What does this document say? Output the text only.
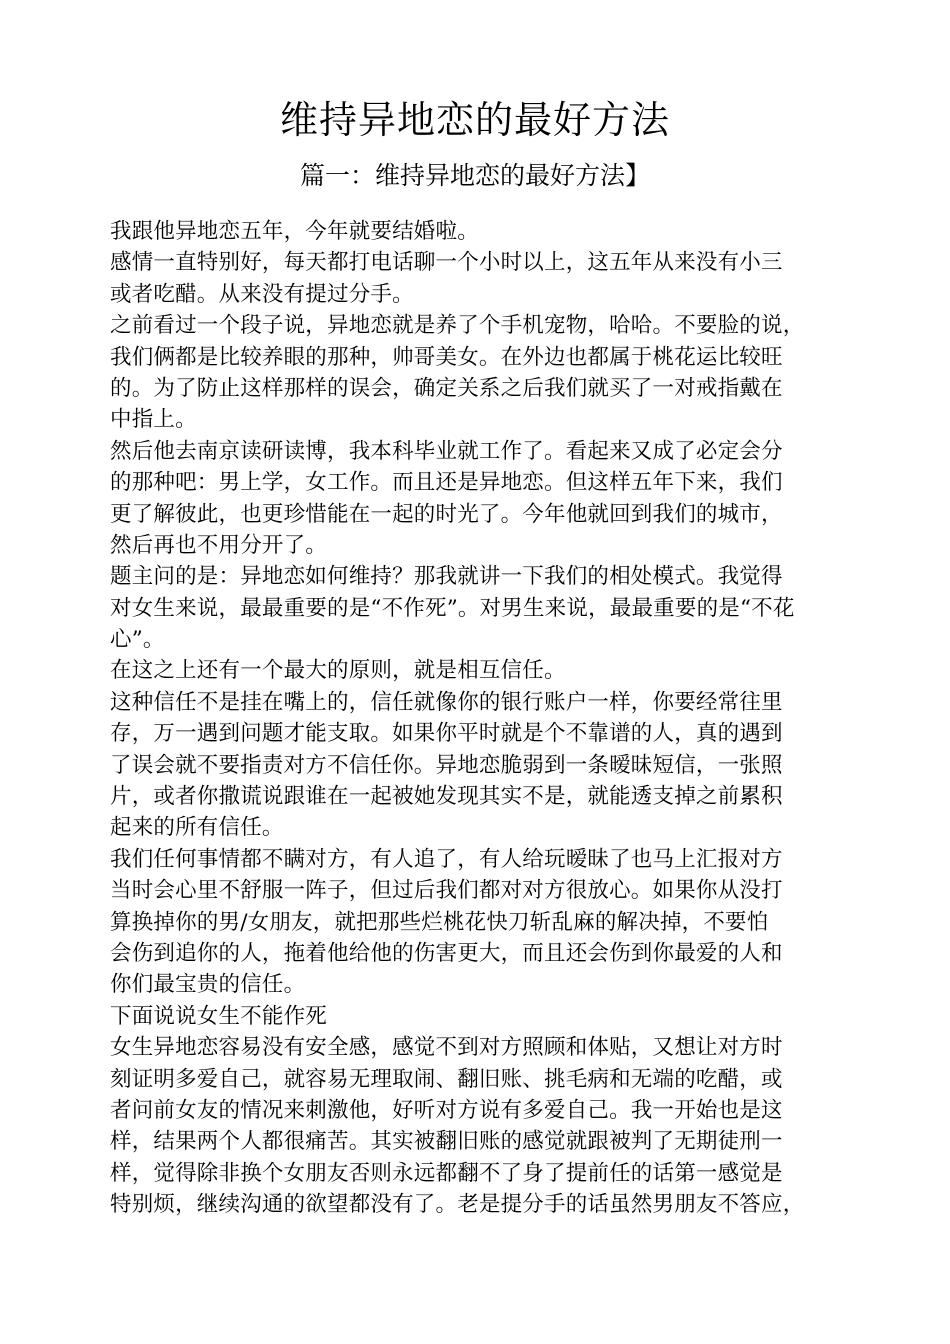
维持异地恋的最好方法
篇一：维持异地恋的最好方法】
我跟他异地恋五年，今年就要结婚啦。
感情一直特别好，每天都打电话聊一个小时以上，这五年从来没有小三
或者吃醋。从来没有提过分手。
之前看过一个段子说，异地恋就是养了个手机宠物，哈哈。不要脸的说，
我们俩都是比较养眼的那种，帅哥美女。在外边也都属于桃花运比较旺
的。为了防止这样那样的误会，确定关系之后我们就买了一对戒指戴在
中指上。
然后他去南京读研读博，我本科毕业就工作了。看起来又成了必定会分
的那种吧：男上学，女工作。而且还是异地恋。但这样五年下来，我们
更了解彼此，也更珍惜能在一起的时光了。今年他就回到我们的城市，
然后再也不用分开了。
题主问的是：异地恋如何维持？那我就讲一下我们的相处模式。我觉得
对女生来说，最最重要的是“不作死”。对男生来说，最最重要的是“不花
心”。
在这之上还有一个最大的原则，就是相互信任。
这种信任不是挂在嘴上的，信任就像你的银行账户一样，你要经常往里
存，万一遇到问题才能支取。如果你平时就是个不靠谱的人，真的遇到
了误会就不要指责对方不信任你。异地恋脆弱到一条暧昧短信，一张照
片，或者你撒谎说跟谁在一起被她发现其实不是，就能透支掉之前累积
起来的所有信任。
我们任何事情都不瞒对方，有人追了，有人给玩暧昧了也马上汇报对方
当时会心里不舒服一阵子，但过后我们都对对方很放心。如果你从没打
算换掉你的男/女朋友，就把那些烂桃花快刀斩乱麻的解决掉，不要怕
会伤到追你的人，拖着他给他的伤害更大，而且还会伤到你最爱的人和
你们最宝贵的信任。
下面说说女生不能作死
女生异地恋容易没有安全感，感觉不到对方照顾和体贴，又想让对方时
刻证明多爱自己，就容易无理取闹、翻旧账、挑毛病和无端的吃醋，或
者问前女友的情况来刺激他，好听对方说有多爱自己。我一开始也是这
样，结果两个人都很痛苦。其实被翻旧账的感觉就跟被判了无期徒刑一
样，觉得除非换个女朋友否则永远都翻不了身了提前任的话第一感觉是
特别烦，继续沟通的欲望都没有了。老是提分手的话虽然男朋友不答应，
